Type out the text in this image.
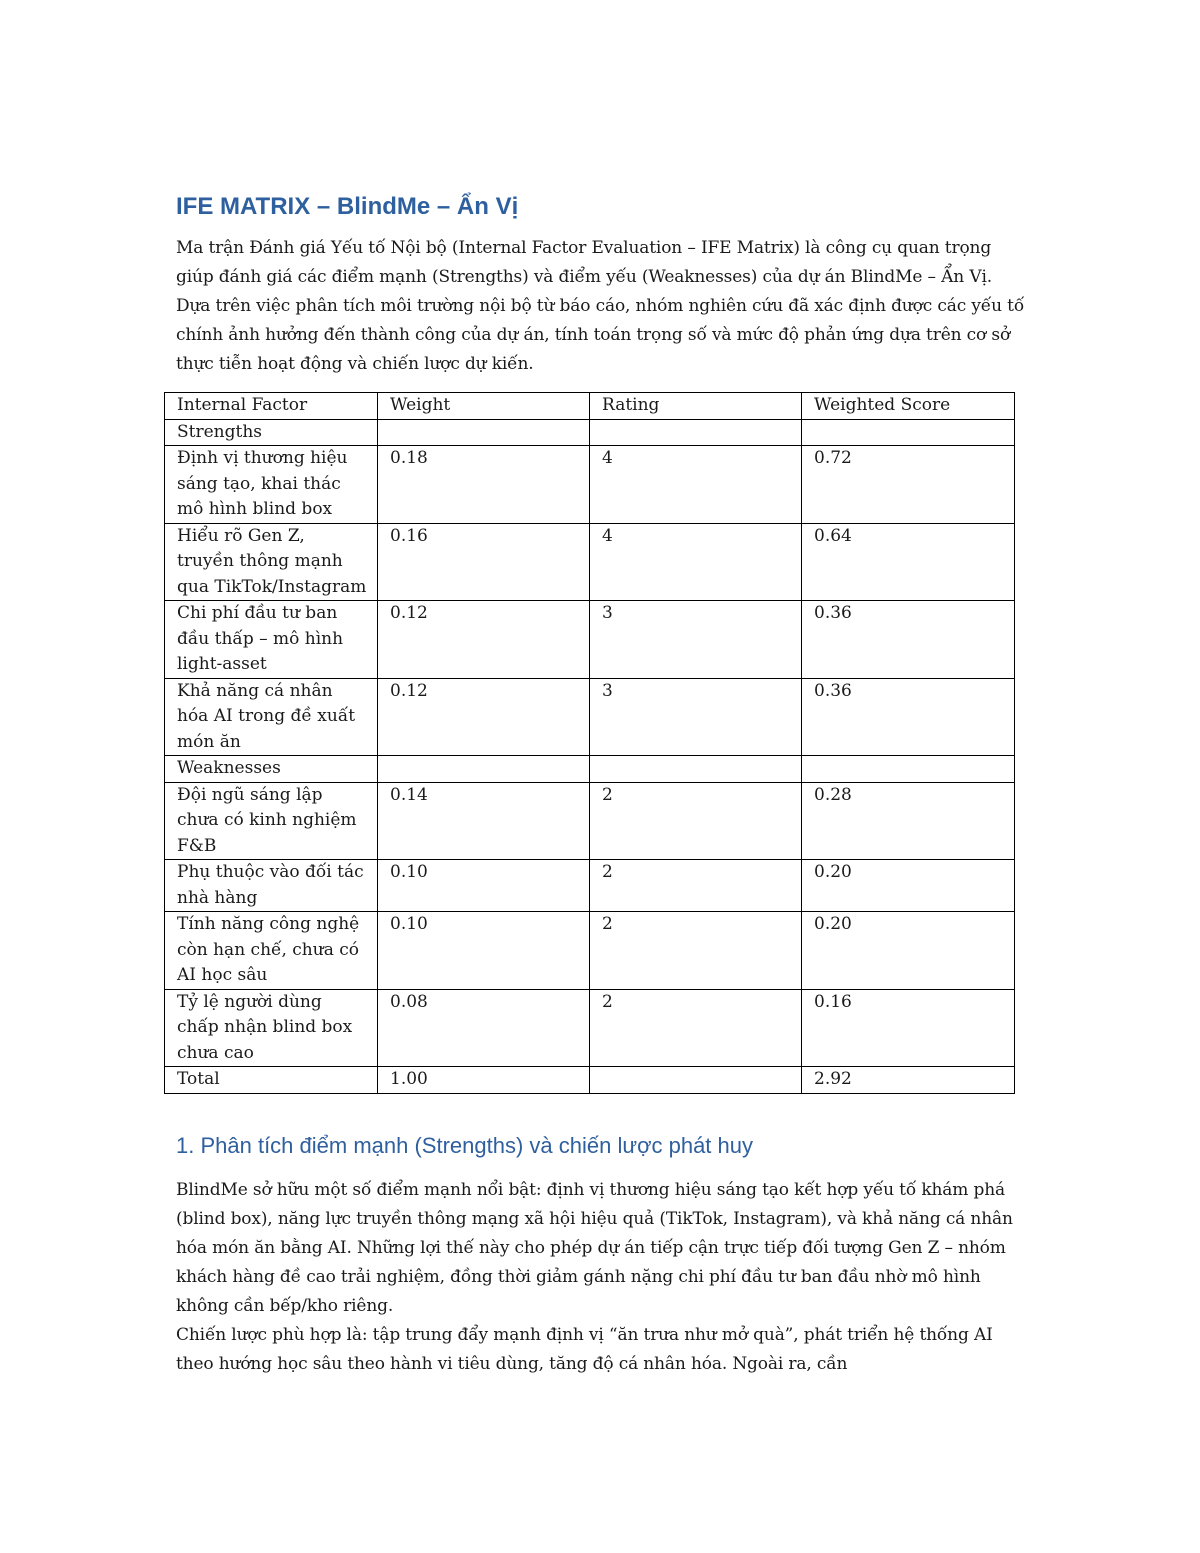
IFE MATRIX – BlindMe – Ẩn Vị

Ma trận Đánh giá Yếu tố Nội bộ (Internal Factor Evaluation – IFE Matrix) là công cụ quan trọng giúp đánh giá các điểm mạnh (Strengths) và điểm yếu (Weaknesses) của dự án BlindMe – Ẩn Vị. Dựa trên việc phân tích môi trường nội bộ từ báo cáo, nhóm nghiên cứu đã xác định được các yếu tố chính ảnh hưởng đến thành công của dự án, tính toán trọng số và mức độ phản ứng dựa trên cơ sở thực tiễn hoạt động và chiến lược dự kiến.

Internal Factor	Weight	Rating	Weighted Score
Strengths			
Định vị thương hiệu sáng tạo, khai thác mô hình blind box	0.18	4	0.72
Hiểu rõ Gen Z, truyền thông mạnh qua TikTok/Instagram	0.16	4	0.64
Chi phí đầu tư ban đầu thấp – mô hình light-asset	0.12	3	0.36
Khả năng cá nhân hóa AI trong đề xuất món ăn	0.12	3	0.36
Weaknesses			
Đội ngũ sáng lập chưa có kinh nghiệm F&B	0.14	2	0.28
Phụ thuộc vào đối tác nhà hàng	0.10	2	0.20
Tính năng công nghệ còn hạn chế, chưa có AI học sâu	0.10	2	0.20
Tỷ lệ người dùng chấp nhận blind box chưa cao	0.08	2	0.16
Total	1.00		2.92
1. Phân tích điểm mạnh (Strengths) và chiến lược phát huy

BlindMe sở hữu một số điểm mạnh nổi bật: định vị thương hiệu sáng tạo kết hợp yếu tố khám phá (blind box), năng lực truyền thông mạng xã hội hiệu quả (TikTok, Instagram), và khả năng cá nhân hóa món ăn bằng AI. Những lợi thế này cho phép dự án tiếp cận trực tiếp đối tượng Gen Z – nhóm khách hàng đề cao trải nghiệm, đồng thời giảm gánh nặng chi phí đầu tư ban đầu nhờ mô hình không cần bếp/kho riêng.

Chiến lược phù hợp là: tập trung đẩy mạnh định vị “ăn trưa như mở quà”, phát triển hệ thống AI theo hướng học sâu theo hành vi tiêu dùng, tăng độ cá nhân hóa. Ngoài ra, cần
